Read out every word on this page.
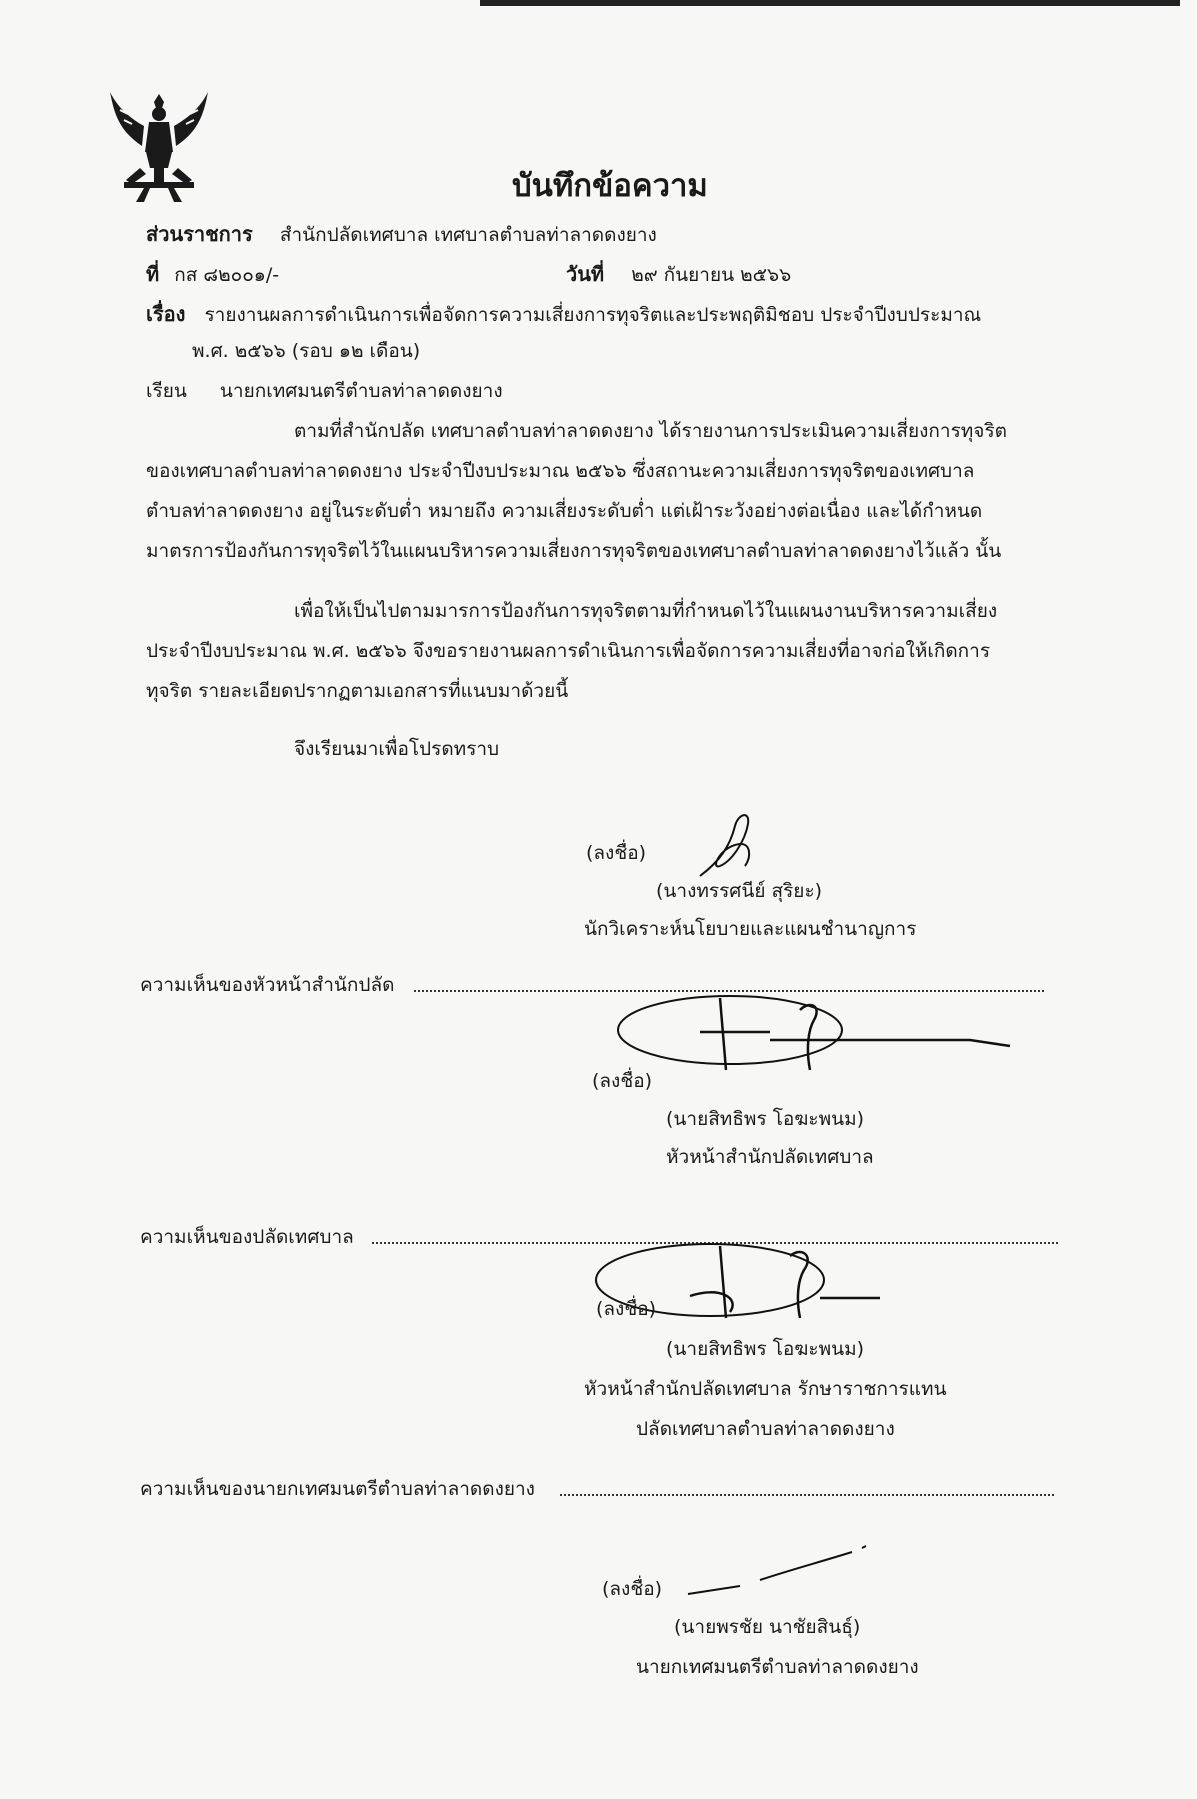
บันทึกข้อความ
ส่วนราชการ สำนักปลัดเทศบาล เทศบาลตำบลท่าลาดดงยาง
ที่ กส ๘๒๐๐๑/-	วันที่ ๒๙ กันยายน ๒๕๖๖
เรื่อง รายงานผลการดำเนินการเพื่อจัดการความเสี่ยงการทุจริตและประพฤติมิชอบ ประจำปีงบประมาณ
พ.ศ. ๒๕๖๖ (รอบ ๑๒ เดือน)
เรียน นายกเทศมนตรีตำบลท่าลาดดงยาง
ตามที่สำนักปลัด เทศบาลตำบลท่าลาดดงยาง ได้รายงานการประเมินความเสี่ยงการทุจริต
ของเทศบาลตำบลท่าลาดดงยาง ประจำปีงบประมาณ ๒๕๖๖ ซึ่งสถานะความเสี่ยงการทุจริตของเทศบาล
ตำบลท่าลาดดงยาง อยู่ในระดับต่ำ หมายถึง ความเสี่ยงระดับต่ำ แต่เฝ้าระวังอย่างต่อเนื่อง และได้กำหนด
มาตรการป้องกันการทุจริตไว้ในแผนบริหารความเสี่ยงการทุจริตของเทศบาลตำบลท่าลาดดงยางไว้แล้ว นั้น
เพื่อให้เป็นไปตามมารการป้องกันการทุจริตตามที่กำหนดไว้ในแผนงานบริหารความเสี่ยง
ประจำปีงบประมาณ พ.ศ. ๒๕๖๖ จึงขอรายงานผลการดำเนินการเพื่อจัดการความเสี่ยงที่อาจก่อให้เกิดการ
ทุจริต รายละเอียดปรากฏตามเอกสารที่แนบมาด้วยนี้
จึงเรียนมาเพื่อโปรดทราบ
(ลงชื่อ)
(นางทรรศนีย์ สุริยะ)
นักวิเคราะห์นโยบายและแผนชำนาญการ
ความเห็นของหัวหน้าสำนักปลัด
(ลงชื่อ)
(นายสิทธิพร โอฆะพนม)
หัวหน้าสำนักปลัดเทศบาล
ความเห็นของปลัดเทศบาล
(ลงชื่อ)
(นายสิทธิพร โอฆะพนม)
หัวหน้าสำนักปลัดเทศบาล รักษาราชการแทน
ปลัดเทศบาลตำบลท่าลาดดงยาง
ความเห็นของนายกเทศมนตรีตำบลท่าลาดดงยาง
(ลงชื่อ)
(นายพรชัย นาชัยสินธุ์)
นายกเทศมนตรีตำบลท่าลาดดงยาง
